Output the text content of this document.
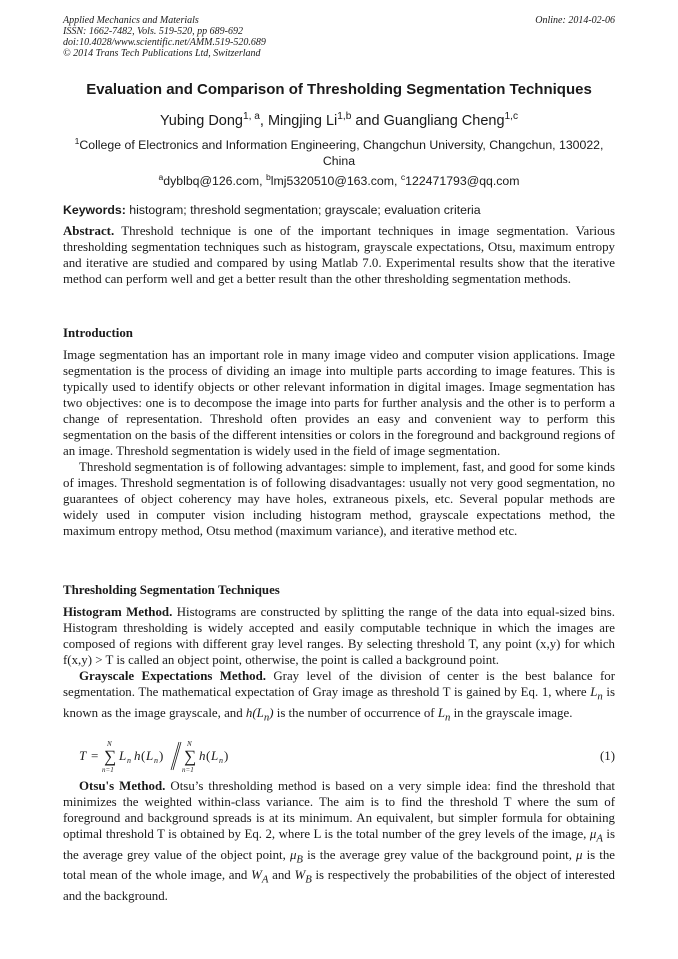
Applied Mechanics and Materials
ISSN: 1662-7482, Vols. 519-520, pp 689-692
doi:10.4028/www.scientific.net/AMM.519-520.689
© 2014 Trans Tech Publications Ltd, Switzerland
Online: 2014-02-06
Evaluation and Comparison of Thresholding Segmentation Techniques
Yubing Dong$^{1, a}$, Mingjing Li$^{1,b}$ and Guangliang Cheng$^{1,c}$
$^1$College of Electronics and Information Engineering, Changchun University, Changchun, 130022, China
$^a$dyblbq@126.com, $^b$lmj5320510@163.com, $^c$122471793@qq.com
Keywords: histogram; threshold segmentation; grayscale; evaluation criteria
Abstract. Threshold technique is one of the important techniques in image segmentation. Various thresholding segmentation techniques such as histogram, grayscale expectations, Otsu, maximum entropy and iterative are studied and compared by using Matlab 7.0. Experimental results show that the iterative method can perform well and get a better result than the other thresholding segmentation methods.
Introduction

Image segmentation has an important role in many image video and computer vision applications. Image segmentation is the process of dividing an image into multiple parts according to image features. This is typically used to identify objects or other relevant information in digital images. Image segmentation has two objectives: one is to decompose the image into parts for further analysis and the other is to perform a change of representation. Threshold often provides an easy and convenient way to perform this segmentation on the basis of the different intensities or colors in the foreground and background regions of an image. Threshold segmentation is widely used in the field of image segmentation.

Threshold segmentation is of following advantages: simple to implement, fast, and good for some kinds of images. Threshold segmentation is of following disadvantages: usually not very good segmentation, no guarantees of object coherency may have holes, extraneous pixels, etc. Several popular methods are widely used in computer vision including histogram method, grayscale expectations method, the maximum entropy method, Otsu method (maximum variance), and iterative method etc.

Thresholding Segmentation Techniques

Histogram Method. Histograms are constructed by splitting the range of the data into equal-sized bins. Histogram thresholding is widely accepted and easily computable technique in which the images are composed of regions with different gray level ranges. By selecting threshold T, any point (x,y) for which f(x,y) > T is called an object point, otherwise, the point is called a background point.

Grayscale Expectations Method. Gray level of the division of center is the best balance for segmentation. The mathematical expectation of Gray image as threshold T is gained by Eq. 1, where $L_n$ is known as the image grayscale, and $h(L_n)$ is the number of occurrence of $L_n$ in the grayscale image.

T = ∑
N
n=1
L n h ( L n ) ∑
N
n=1
h ( L n )	(1)

Otsu's Method. Otsu’s thresholding method is based on a very simple idea: find the threshold that minimizes the weighted within-class variance. The aim is to find the threshold T where the sum of foreground and background spreads is at its minimum. An equivalent, but simpler formula for obtaining optimal threshold T is obtained by Eq. 2, where L is the total number of the grey levels of the image, $\mu_A$ is the average grey value of the object point, $\mu_B$ is the average grey value of the background point, μ is the total mean of the whole image, and $W_A$ and $W_B$ is respectively the probabilities of the object of interested and the background.
